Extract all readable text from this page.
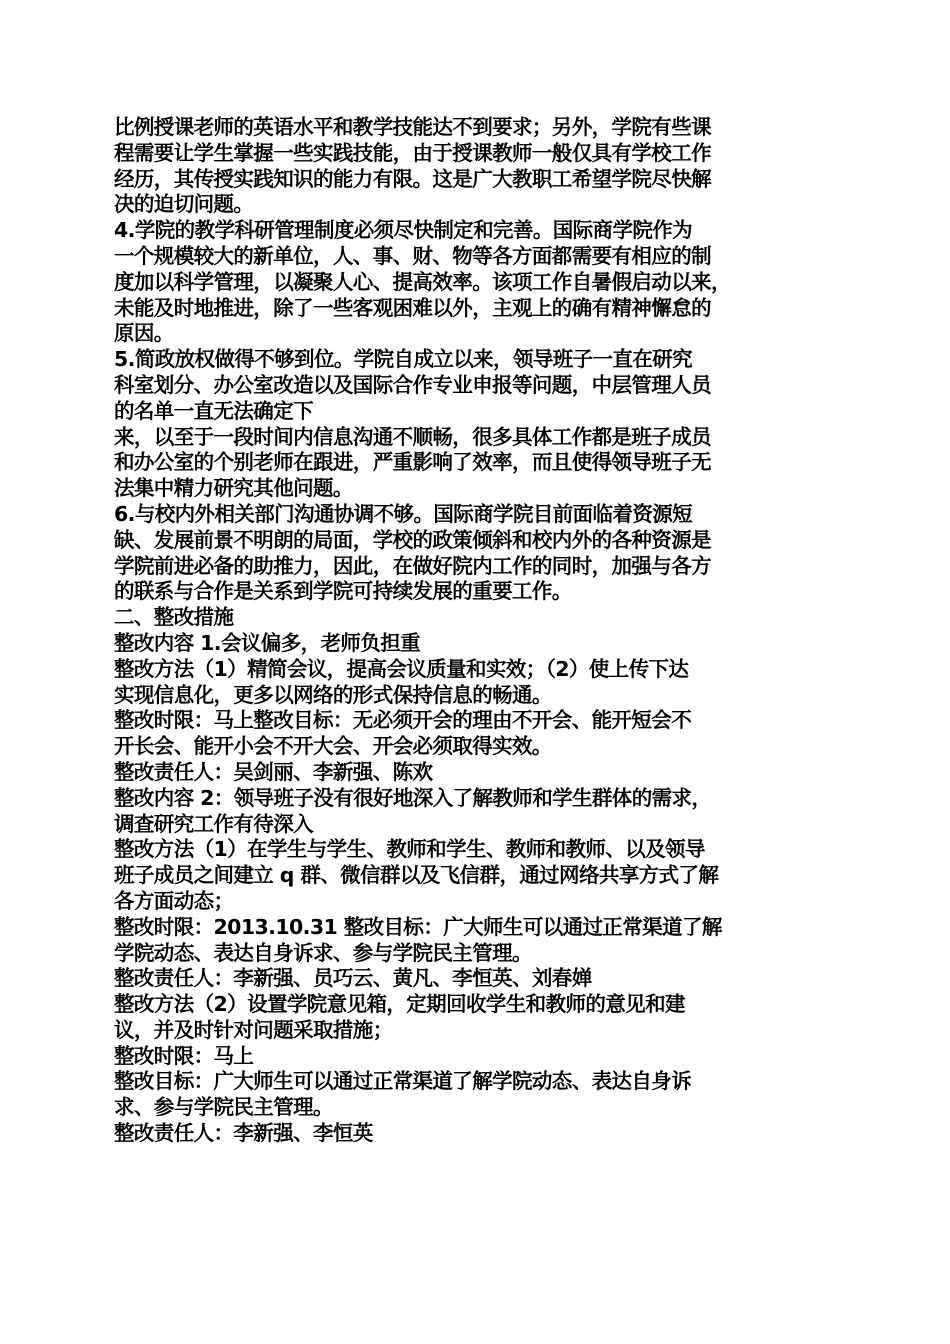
比例授课老师的英语水平和教学技能达不到要求；另外，学院有些课
程需要让学生掌握一些实践技能，由于授课教师一般仅具有学校工作
经历，其传授实践知识的能力有限。这是广大教职工希望学院尽快解
决的迫切问题。
4.学院的教学科研管理制度必须尽快制定和完善。国际商学院作为
一个规模较大的新单位，人、事、财、物等各方面都需要有相应的制
度加以科学管理，以凝聚人心、提高效率。该项工作自暑假启动以来，
未能及时地推进，除了一些客观困难以外，主观上的确有精神懈怠的
原因。
5.简政放权做得不够到位。学院自成立以来，领导班子一直在研究
科室划分、办公室改造以及国际合作专业申报等问题，中层管理人员
的名单一直无法确定下
来，以至于一段时间内信息沟通不顺畅，很多具体工作都是班子成员
和办公室的个别老师在跟进，严重影响了效率，而且使得领导班子无
法集中精力研究其他问题。
6.与校内外相关部门沟通协调不够。国际商学院目前面临着资源短
缺、发展前景不明朗的局面，学校的政策倾斜和校内外的各种资源是
学院前进必备的助推力，因此，在做好院内工作的同时，加强与各方
的联系与合作是关系到学院可持续发展的重要工作。
二、整改措施
整改内容 1.会议偏多，老师负担重
整改方法（1）精简会议，提高会议质量和实效；（2）使上传下达
实现信息化，更多以网络的形式保持信息的畅通。
整改时限：马上整改目标：无必须开会的理由不开会、能开短会不
开长会、能开小会不开大会、开会必须取得实效。
整改责任人：吴剑丽、李新强、陈欢
整改内容 2：领导班子没有很好地深入了解教师和学生群体的需求，
调查研究工作有待深入
整改方法（1）在学生与学生、教师和学生、教师和教师、以及领导
班子成员之间建立 q 群、微信群以及飞信群，通过网络共享方式了解
各方面动态；
整改时限：2013.10.31 整改目标：广大师生可以通过正常渠道了解
学院动态、表达自身诉求、参与学院民主管理。
整改责任人：李新强、员巧云、黄凡、李恒英、刘春婵
整改方法（2）设置学院意见箱，定期回收学生和教师的意见和建
议，并及时针对问题采取措施；
整改时限：马上
整改目标：广大师生可以通过正常渠道了解学院动态、表达自身诉
求、参与学院民主管理。
整改责任人：李新强、李恒英
